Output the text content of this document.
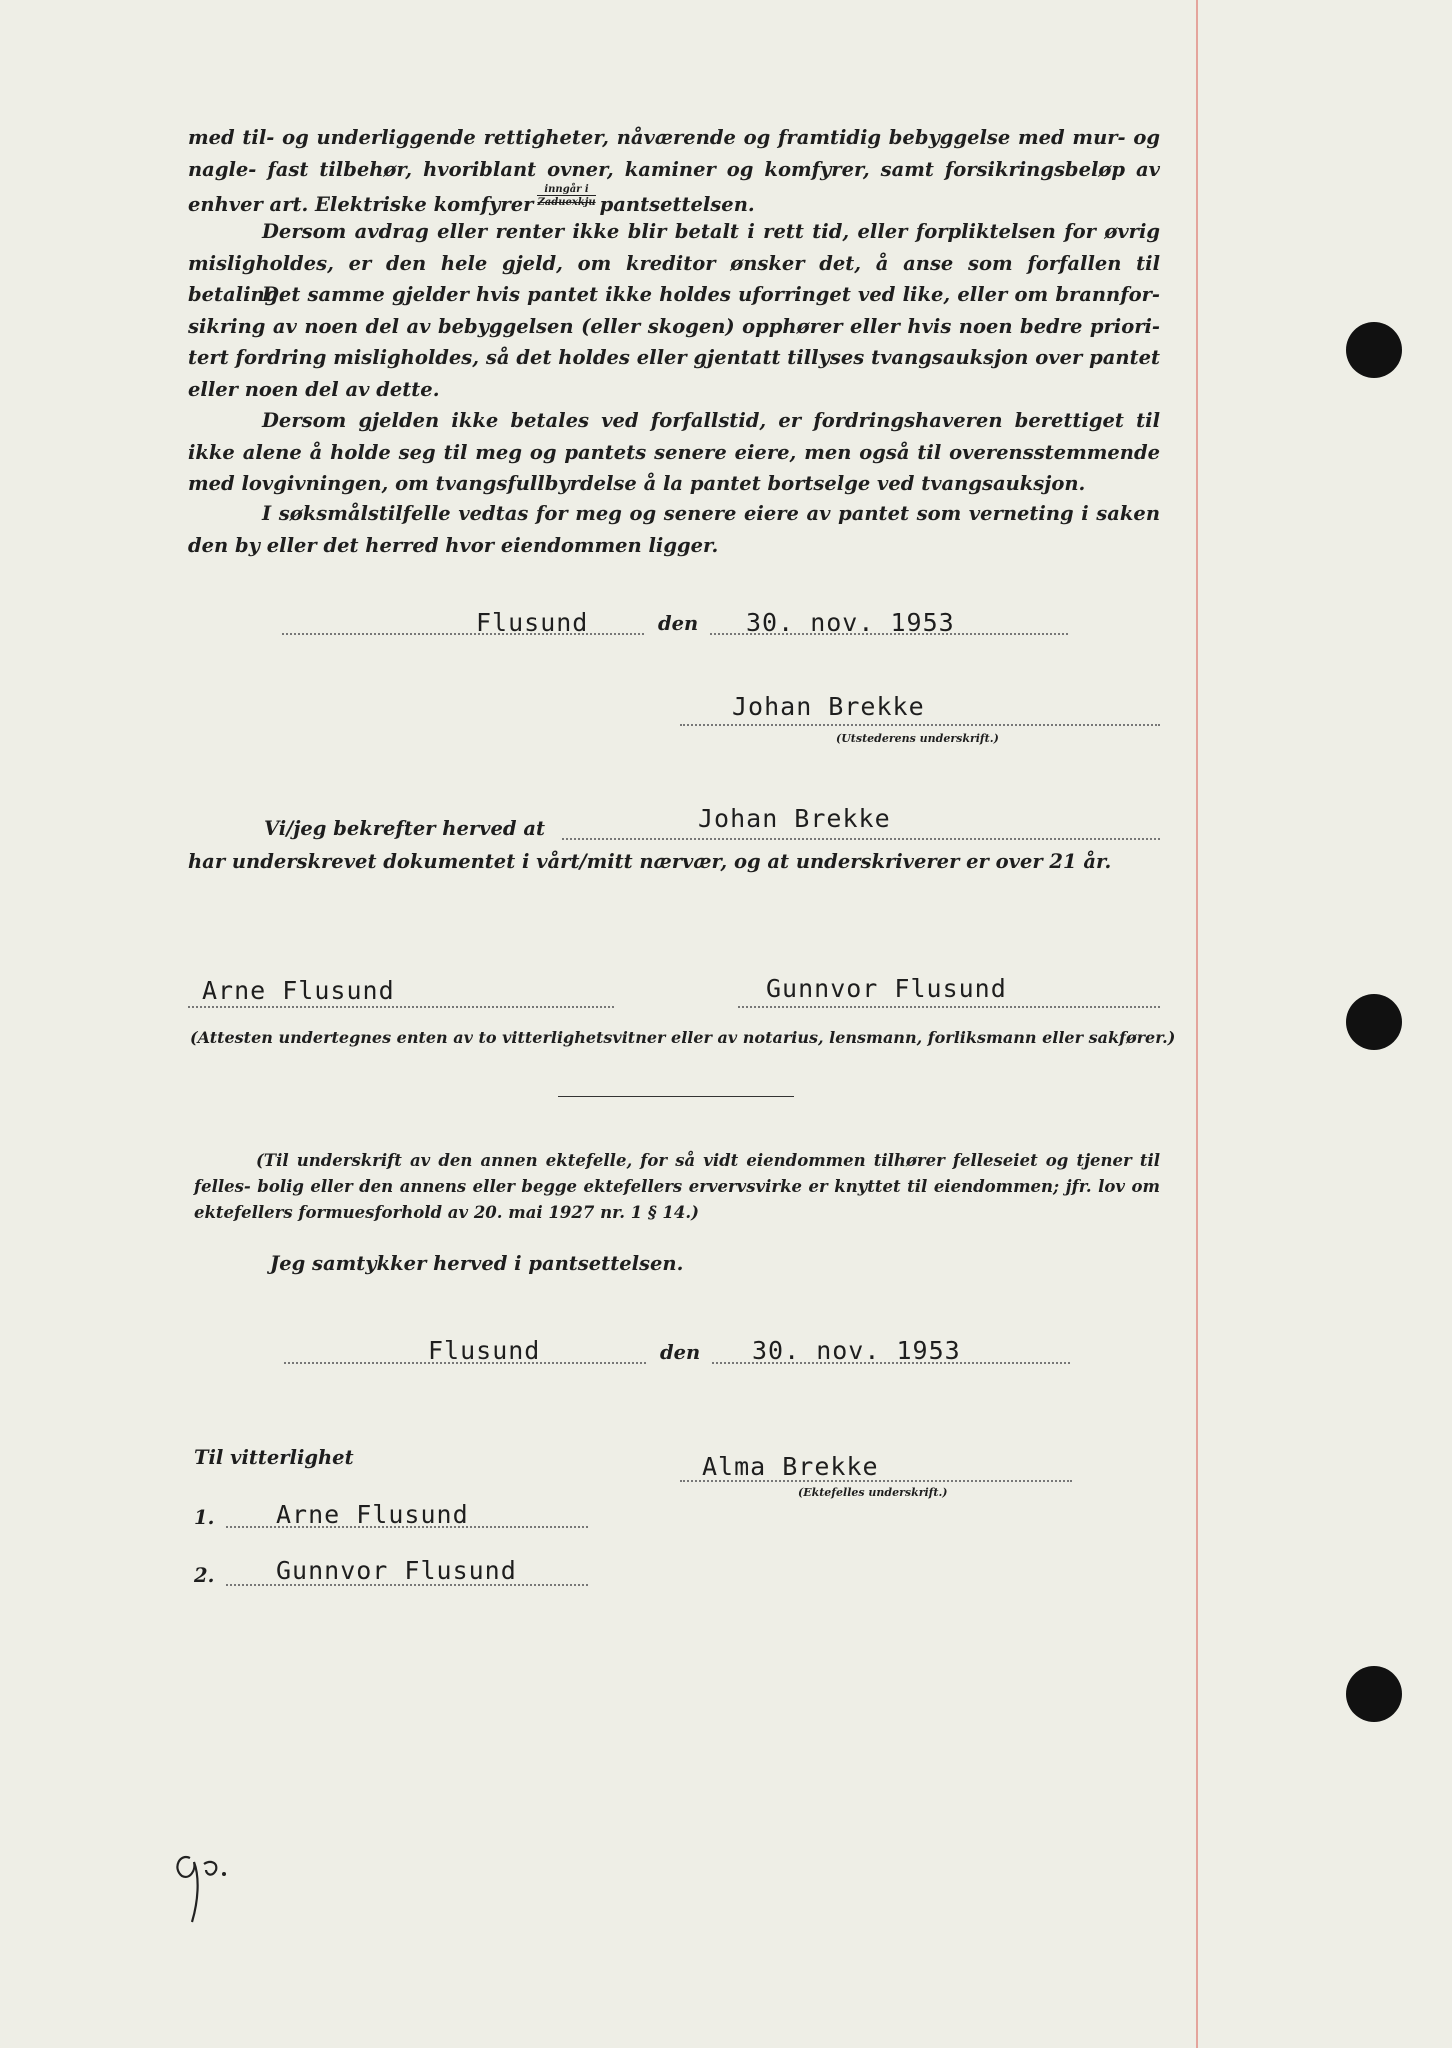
med til- og underliggende rettigheter, nåværende og framtidig bebyggelse med mur- og nagle- fast tilbehør, hvoriblant ovner, kaminer og komfyrer, samt forsikringsbeløp av enhver art. Elektriske komfyrer
inngår i
Zaduexkju pantsettelsen.

Dersom avdrag eller renter ikke blir betalt i rett tid, eller forpliktelsen for øvrig misligholdes, er den hele gjeld, om kreditor ønsker det, å anse som forfallen til betaling.

Det samme gjelder hvis pantet ikke holdes uforringet ved like, eller om brannfor- sikring av noen del av bebyggelsen (eller skogen) opphører eller hvis noen bedre priori- tert fordring misligholdes, så det holdes eller gjentatt tillyses tvangsauksjon over pantet eller noen del av dette.

Dersom gjelden ikke betales ved forfallstid, er fordringshaveren berettiget til ikke alene å holde seg til meg og pantets senere eiere, men også til overensstemmende med lovgivningen, om tvangsfullbyrdelse å la pantet bortselge ved tvangsauksjon.

I søksmålstilfelle vedtas for meg og senere eiere av pantet som verneting i saken den by eller det herred hvor eiendommen ligger.

Flusund	den 30. nov. 1953
Johan Brekke
(Utstederens underskrift.)
Vi/jeg bekrefter herved at	Johan Brekke
har underskrevet dokumentet i vårt/mitt nærvær, og at underskriverer er over 21 år.
Arne Flusund	Gunnvor Flusund
(Attesten undertegnes enten av to vitterlighetsvitner eller av notarius, lensmann, forliksmann eller sakfører.)

(Til underskrift av den annen ektefelle, for så vidt eiendommen tilhører felleseiet og tjener til felles- bolig eller den annens eller begge ektefellers ervervsvirke er knyttet til eiendommen; jfr. lov om ektefellers formuesforhold av 20. mai 1927 nr. 1 § 14.)

Jeg samtykker herved i pantsettelsen.
Flusund	den 30. nov. 1953
Til vitterlighet	Alma Brekke
(Ektefelles underskrift.)
1. Arne Flusund
2. Gunnvor Flusund
